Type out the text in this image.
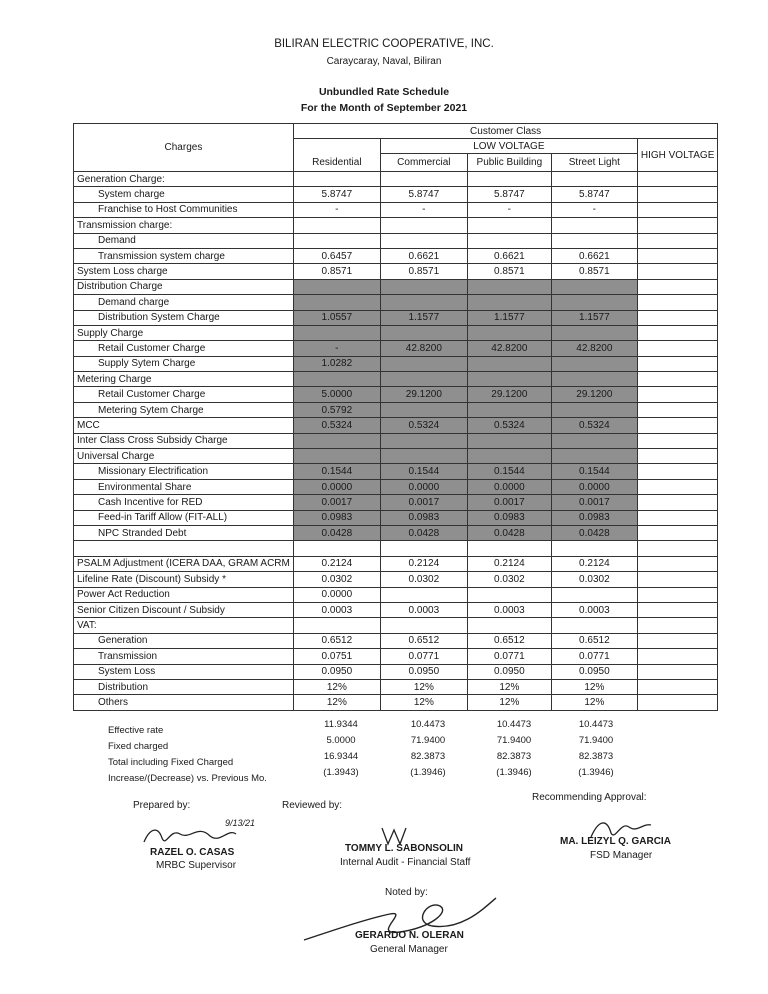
BILIRAN ELECTRIC COOPERATIVE, INC.
Caraycaray, Naval, Biliran
Unbundled Rate Schedule
For the Month of September 2021
Charges	Customer Class				
		LOW VOLTAGE			HIGH VOLTAGE
	Residential	Commercial	Public Building	Street Light	
Generation Charge:					
System charge	5.8747	5.8747	5.8747	5.8747	
Franchise to Host Communities	-	-	-	-	
Transmission charge:					
Demand					
Transmission system charge	0.6457	0.6621	0.6621	0.6621	
System Loss charge	0.8571	0.8571	0.8571	0.8571	
Distribution Charge					
Demand charge					
Distribution System Charge	1.0557	1.1577	1.1577	1.1577	
Supply Charge					
Retail Customer Charge	-	42.8200	42.8200	42.8200	
Supply Sytem Charge	1.0282				
Metering Charge					
Retail Customer Charge	5.0000	29.1200	29.1200	29.1200	
Metering Sytem Charge	0.5792				
MCC	0.5324	0.5324	0.5324	0.5324	
Inter Class Cross Subsidy Charge					
Universal Charge					
Missionary Electrification	0.1544	0.1544	0.1544	0.1544	
Environmental Share	0.0000	0.0000	0.0000	0.0000	
Cash Incentive for RED	0.0017	0.0017	0.0017	0.0017	
Feed-in Tariff Allow (FIT-ALL)	0.0983	0.0983	0.0983	0.0983	
NPC Stranded Debt	0.0428	0.0428	0.0428	0.0428	

PSALM Adjustment (ICERA DAA, GRAM ACRM	0.2124	0.2124	0.2124	0.2124	
Lifeline Rate (Discount) Subsidy *	0.0302	0.0302	0.0302	0.0302	
Power Act Reduction	0.0000				
Senior Citizen Discount / Subsidy	0.0003	0.0003	0.0003	0.0003	
VAT:					
Generation	0.6512	0.6512	0.6512	0.6512	
Transmission	0.0751	0.0771	0.0771	0.0771	
System Loss	0.0950	0.0950	0.0950	0.0950	
Distribution	12%	12%	12%	12%	
Others	12%	12%	12%	12%	
Effective rate
11.9344	10.4473	10.4473	10.4473
Fixed charged
5.0000	71.9400	71.9400	71.9400
Total including Fixed Charged
16.9344	82.3873	82.3873	82.3873
Increase/(Decrease) vs. Previous Mo.
(1.3943)	(1.3946)	(1.3946)	(1.3946)
Prepared by:
9/13/21
RAZEL O. CASAS
MRBC Supervisor
Reviewed by:
TOMMY L. SABONSOLIN
Internal Audit - Financial Staff
Recommending Approval:
MA. LEIZYL Q. GARCIA
FSD Manager
Noted by:
GERARDO N. OLERAN
General Manager
